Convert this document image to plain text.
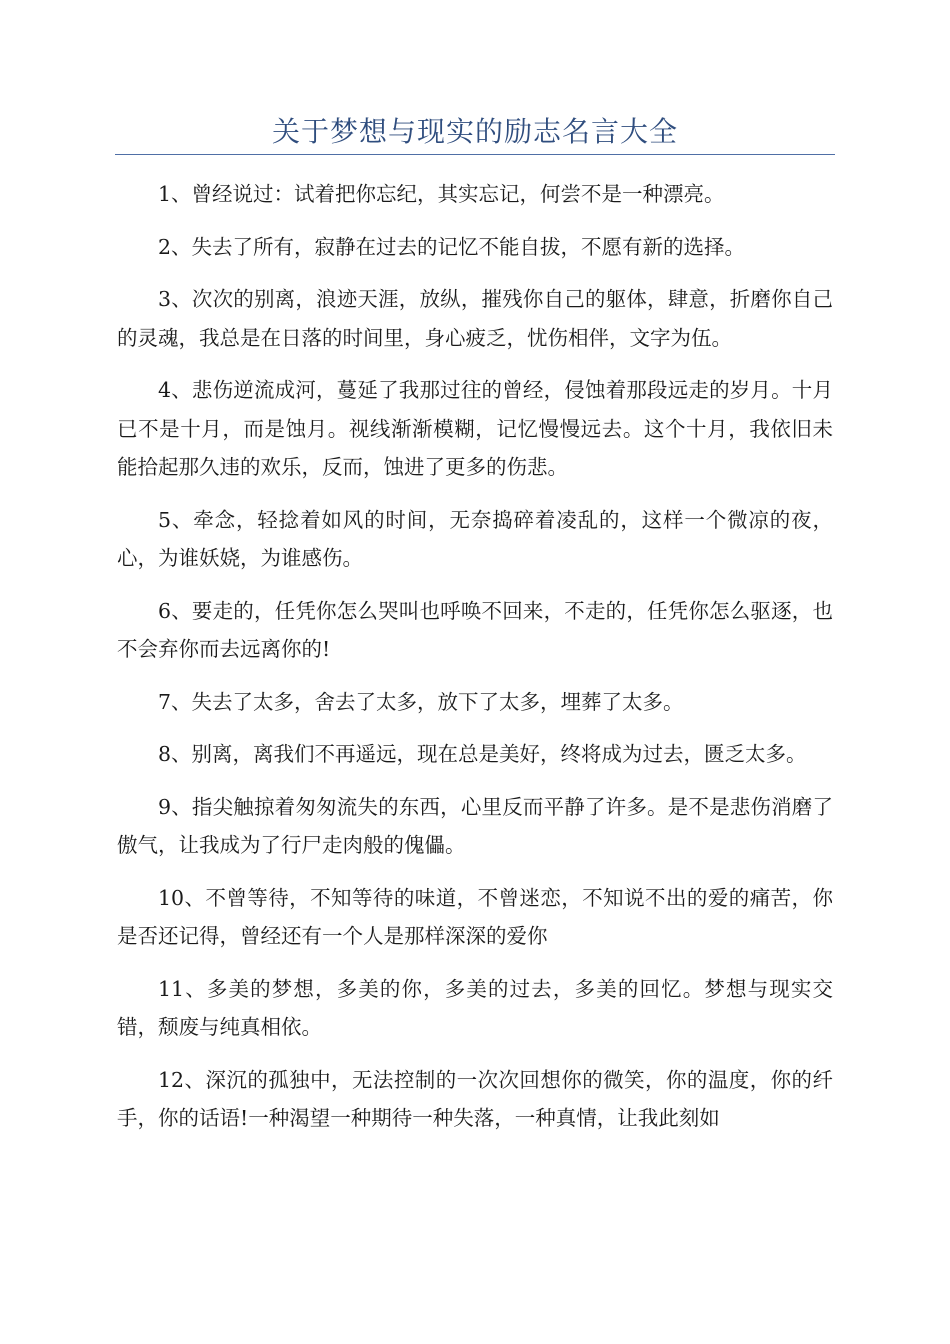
关于梦想与现实的励志名言大全

1、曾经说过：试着把你忘纪，其实忘记，何尝不是一种漂亮。

2、失去了所有，寂静在过去的记忆不能自拔，不愿有新的选择。

3、次次的别离，浪迹天涯，放纵，摧残你自己的躯体，肆意，折磨你自己的灵魂，我总是在日落的时间里，身心疲乏，忧伤相伴，文字为伍。

4、悲伤逆流成河，蔓延了我那过往的曾经，侵蚀着那段远走的岁月。十月已不是十月，而是蚀月。视线渐渐模糊，记忆慢慢远去。这个十月，我依旧未能拾起那久违的欢乐，反而，蚀进了更多的伤悲。

5、牵念，轻捻着如风的时间，无奈捣碎着凌乱的，这样一个微凉的夜，心，为谁妖娆，为谁感伤。

6、要走的，任凭你怎么哭叫也呼唤不回来，不走的，任凭你怎么驱逐，也不会弃你而去远离你的!

7、失去了太多，舍去了太多，放下了太多，埋葬了太多。

8、别离，离我们不再遥远，现在总是美好，终将成为过去，匮乏太多。

9、指尖触掠着匆匆流失的东西，心里反而平静了许多。是不是悲伤消磨了傲气，让我成为了行尸走肉般的傀儡。

10、不曾等待，不知等待的味道，不曾迷恋，不知说不出的爱的痛苦，你是否还记得，曾经还有一个人是那样深深的爱你

11、多美的梦想，多美的你，多美的过去，多美的回忆。梦想与现实交错，颓废与纯真相依。

12、深沉的孤独中，无法控制的一次次回想你的微笑，你的温度，你的纤手，你的话语!一种渴望一种期待一种失落，一种真情，让我此刻如
